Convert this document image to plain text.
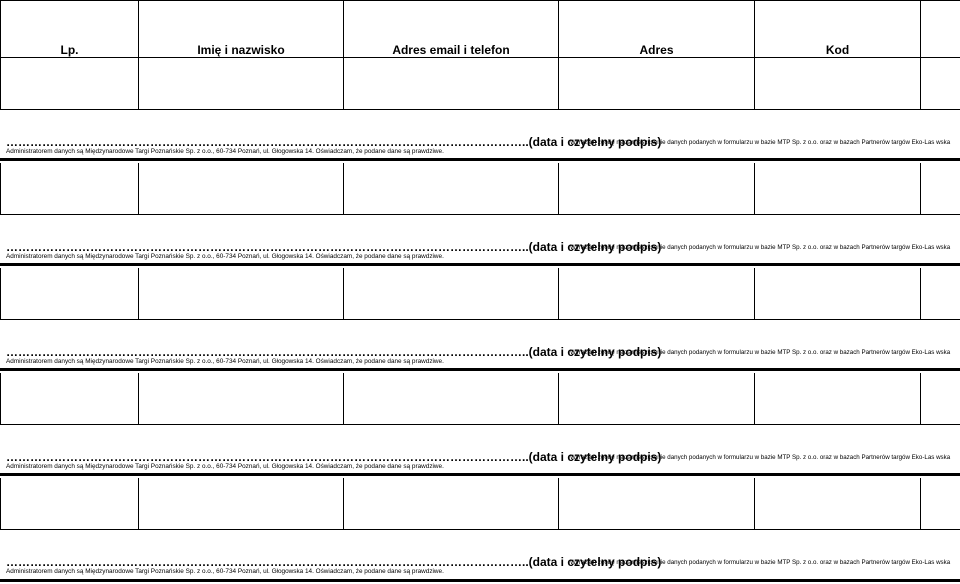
Lp.	Imię i nazwisko	Adres email i telefon	Adres	Kod
…………………………………………………………………………………………………………………..(data i czytelny podpis)
Wyrażam zgodę na zamieszczenie danych podanych w formularzu w bazie MTP Sp. z o.o. oraz w bazach Partnerów targów Eko-Las wska
Administratorem danych są Międzynarodowe Targi Poznańskie Sp. z o.o., 60-734 Poznań, ul. Głogowska 14. Oświadczam, że podane dane są prawdziwe.
…………………………………………………………………………………………………………………..(data i czytelny podpis)
Wyrażam zgodę na zamieszczenie danych podanych w formularzu w bazie MTP Sp. z o.o. oraz w bazach Partnerów targów Eko-Las wska
Administratorem danych są Międzynarodowe Targi Poznańskie Sp. z o.o., 60-734 Poznań, ul. Głogowska 14. Oświadczam, że podane dane są prawdziwe.
…………………………………………………………………………………………………………………..(data i czytelny podpis)
Wyrażam zgodę na zamieszczenie danych podanych w formularzu w bazie MTP Sp. z o.o. oraz w bazach Partnerów targów Eko-Las wska
Administratorem danych są Międzynarodowe Targi Poznańskie Sp. z o.o., 60-734 Poznań, ul. Głogowska 14. Oświadczam, że podane dane są prawdziwe.
…………………………………………………………………………………………………………………..(data i czytelny podpis)
Wyrażam zgodę na zamieszczenie danych podanych w formularzu w bazie MTP Sp. z o.o. oraz w bazach Partnerów targów Eko-Las wska
Administratorem danych są Międzynarodowe Targi Poznańskie Sp. z o.o., 60-734 Poznań, ul. Głogowska 14. Oświadczam, że podane dane są prawdziwe.
…………………………………………………………………………………………………………………..(data i czytelny podpis)
Wyrażam zgodę na zamieszczenie danych podanych w formularzu w bazie MTP Sp. z o.o. oraz w bazach Partnerów targów Eko-Las wska
Administratorem danych są Międzynarodowe Targi Poznańskie Sp. z o.o., 60-734 Poznań, ul. Głogowska 14. Oświadczam, że podane dane są prawdziwe.
